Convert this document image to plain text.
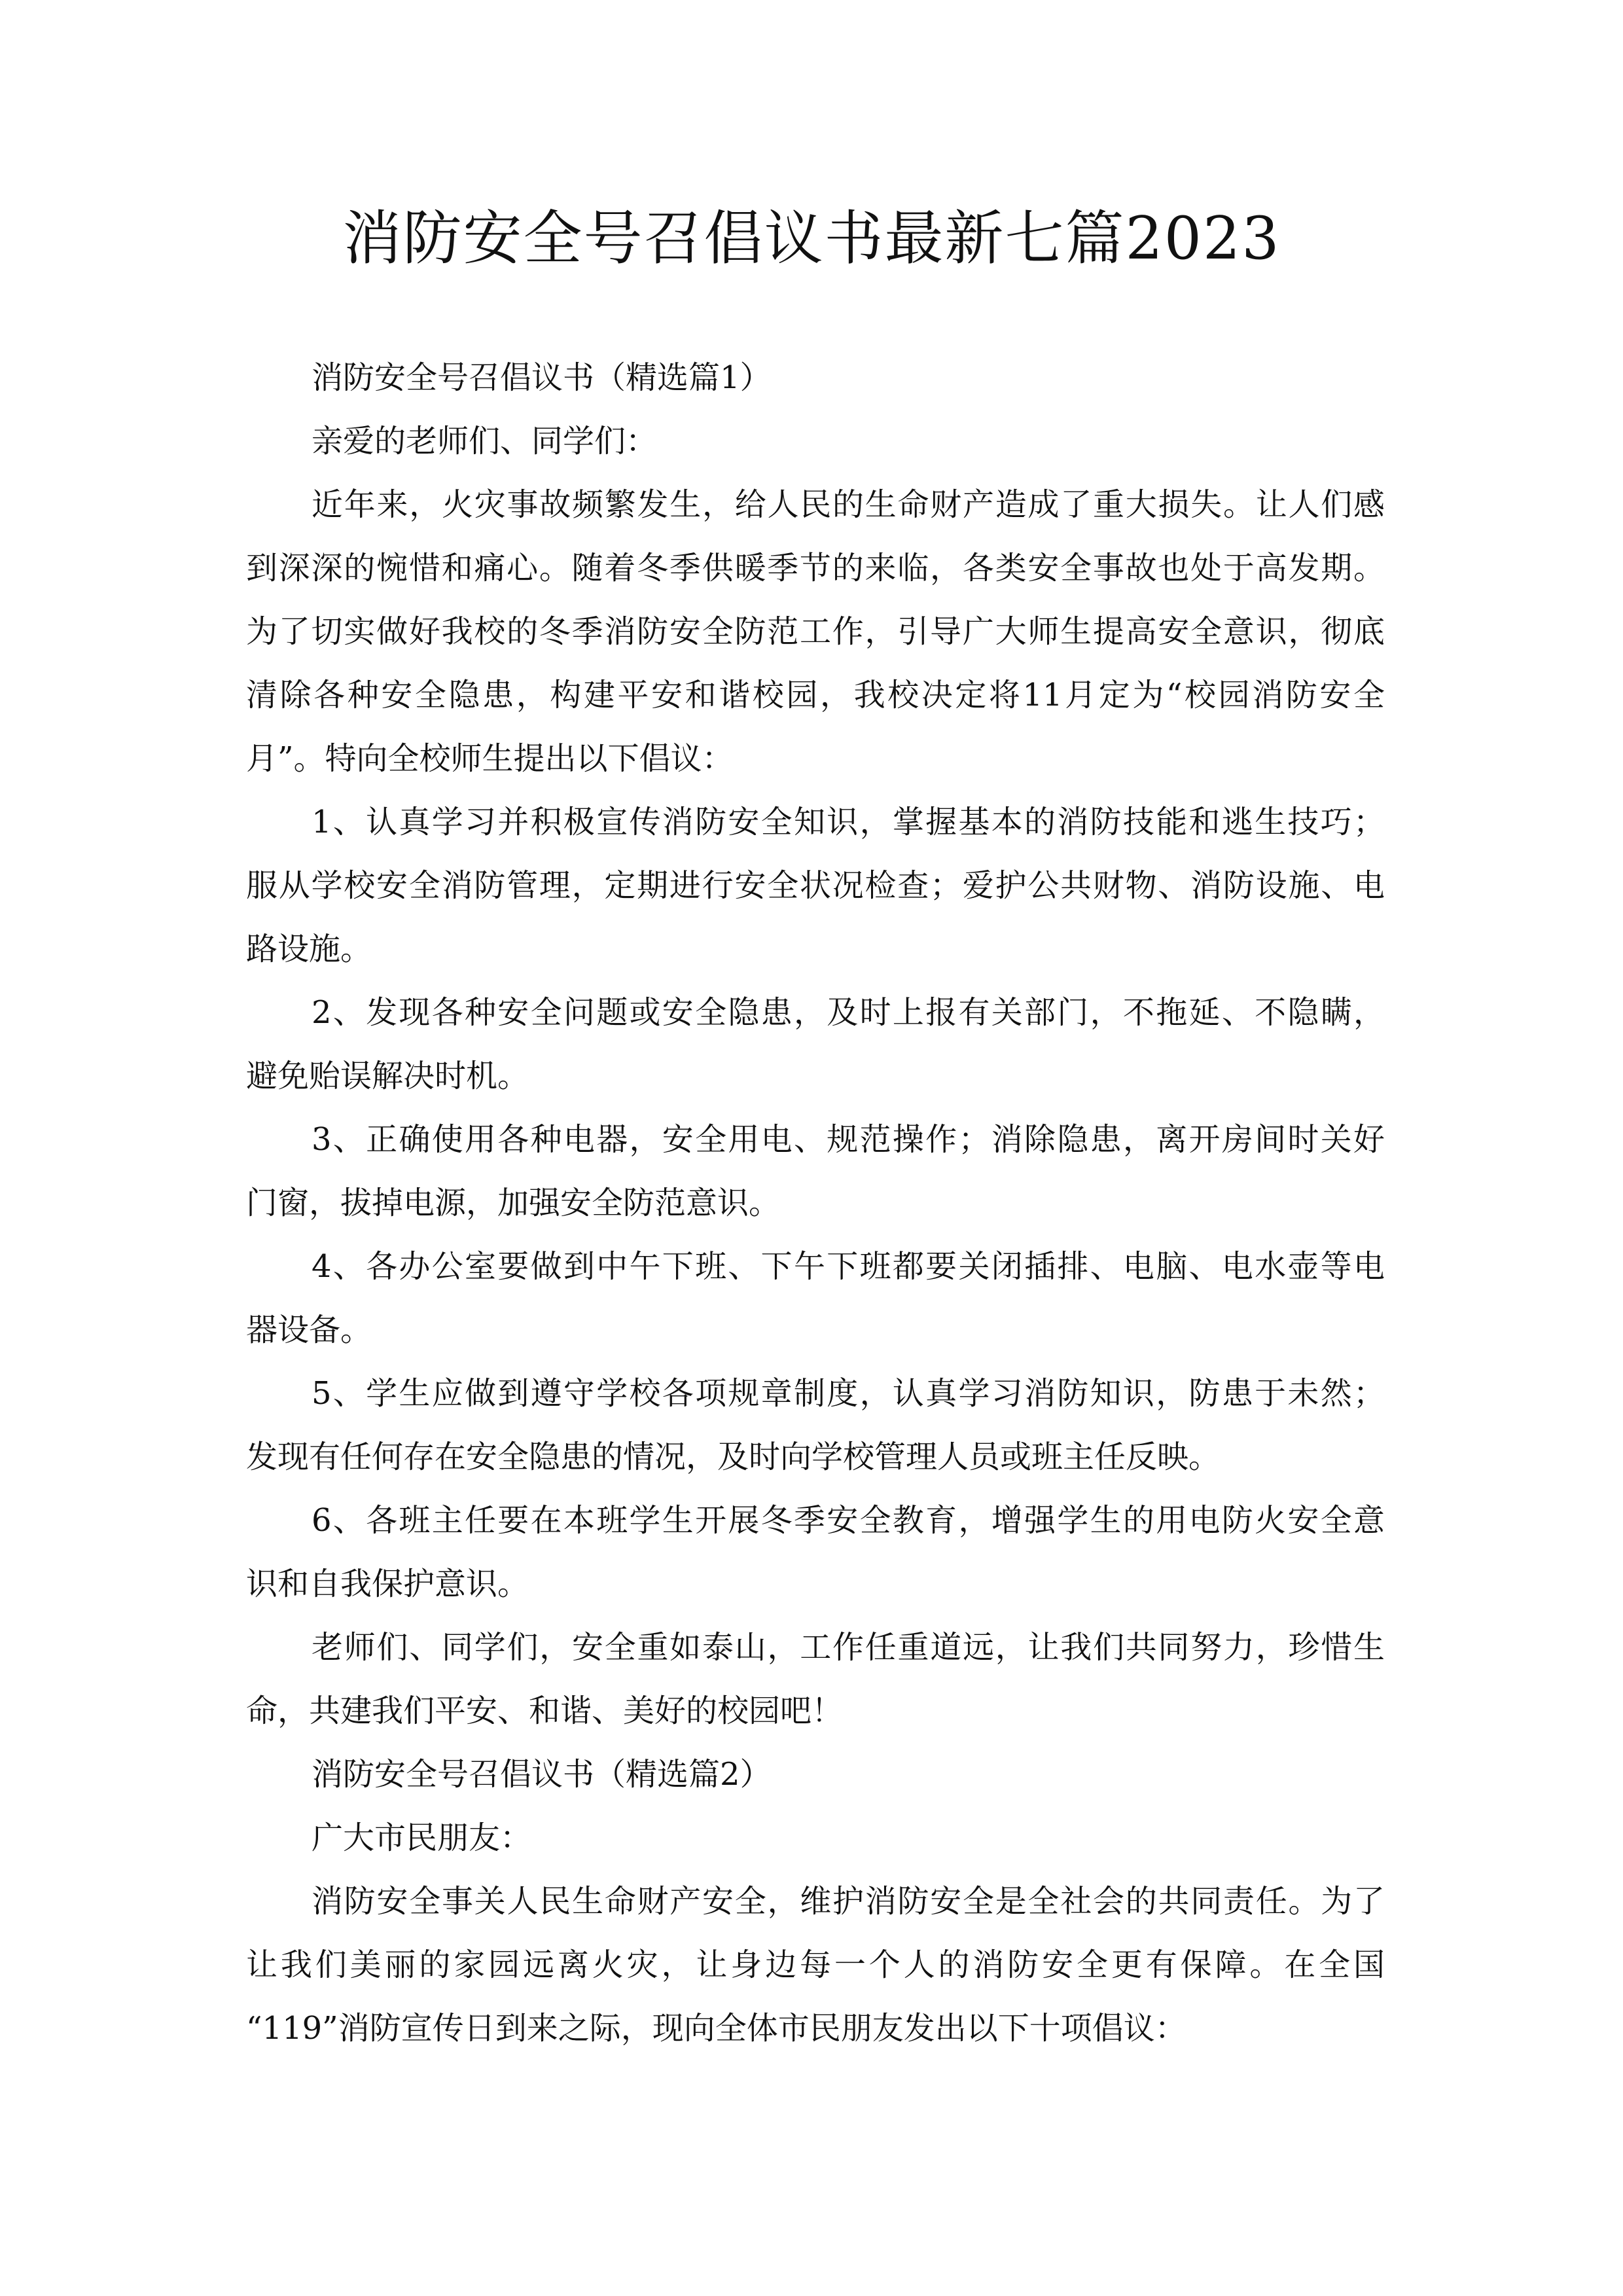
消防安全号召倡议书最新七篇2023
消防安全号召倡议书（精选篇1）
亲爱的老师们、同学们：
近年来，火灾事故频繁发生，给人民的生命财产造成了重大损失。让人们感
到深深的惋惜和痛心。随着冬季供暖季节的来临，各类安全事故也处于高发期。
为了切实做好我校的冬季消防安全防范工作，引导广大师生提高安全意识，彻底
清除各种安全隐患，构建平安和谐校园，我校决定将11月定为“校园消防安全
月”。特向全校师生提出以下倡议：
1、认真学习并积极宣传消防安全知识，掌握基本的消防技能和逃生技巧；
服从学校安全消防管理，定期进行安全状况检查；爱护公共财物、消防设施、电
路设施。
2、发现各种安全问题或安全隐患，及时上报有关部门，不拖延、不隐瞒，
避免贻误解决时机。
3、正确使用各种电器，安全用电、规范操作；消除隐患，离开房间时关好
门窗，拔掉电源，加强安全防范意识。
4、各办公室要做到中午下班、下午下班都要关闭插排、电脑、电水壶等电
器设备。
5、学生应做到遵守学校各项规章制度，认真学习消防知识，防患于未然；
发现有任何存在安全隐患的情况，及时向学校管理人员或班主任反映。
6、各班主任要在本班学生开展冬季安全教育，增强学生的用电防火安全意
识和自我保护意识。
老师们、同学们，安全重如泰山，工作任重道远，让我们共同努力，珍惜生
命，共建我们平安、和谐、美好的校园吧！
消防安全号召倡议书（精选篇2）
广大市民朋友：
消防安全事关人民生命财产安全，维护消防安全是全社会的共同责任。为了
让我们美丽的家园远离火灾，让身边每一个人的消防安全更有保障。在全国
“119”消防宣传日到来之际，现向全体市民朋友发出以下十项倡议：
